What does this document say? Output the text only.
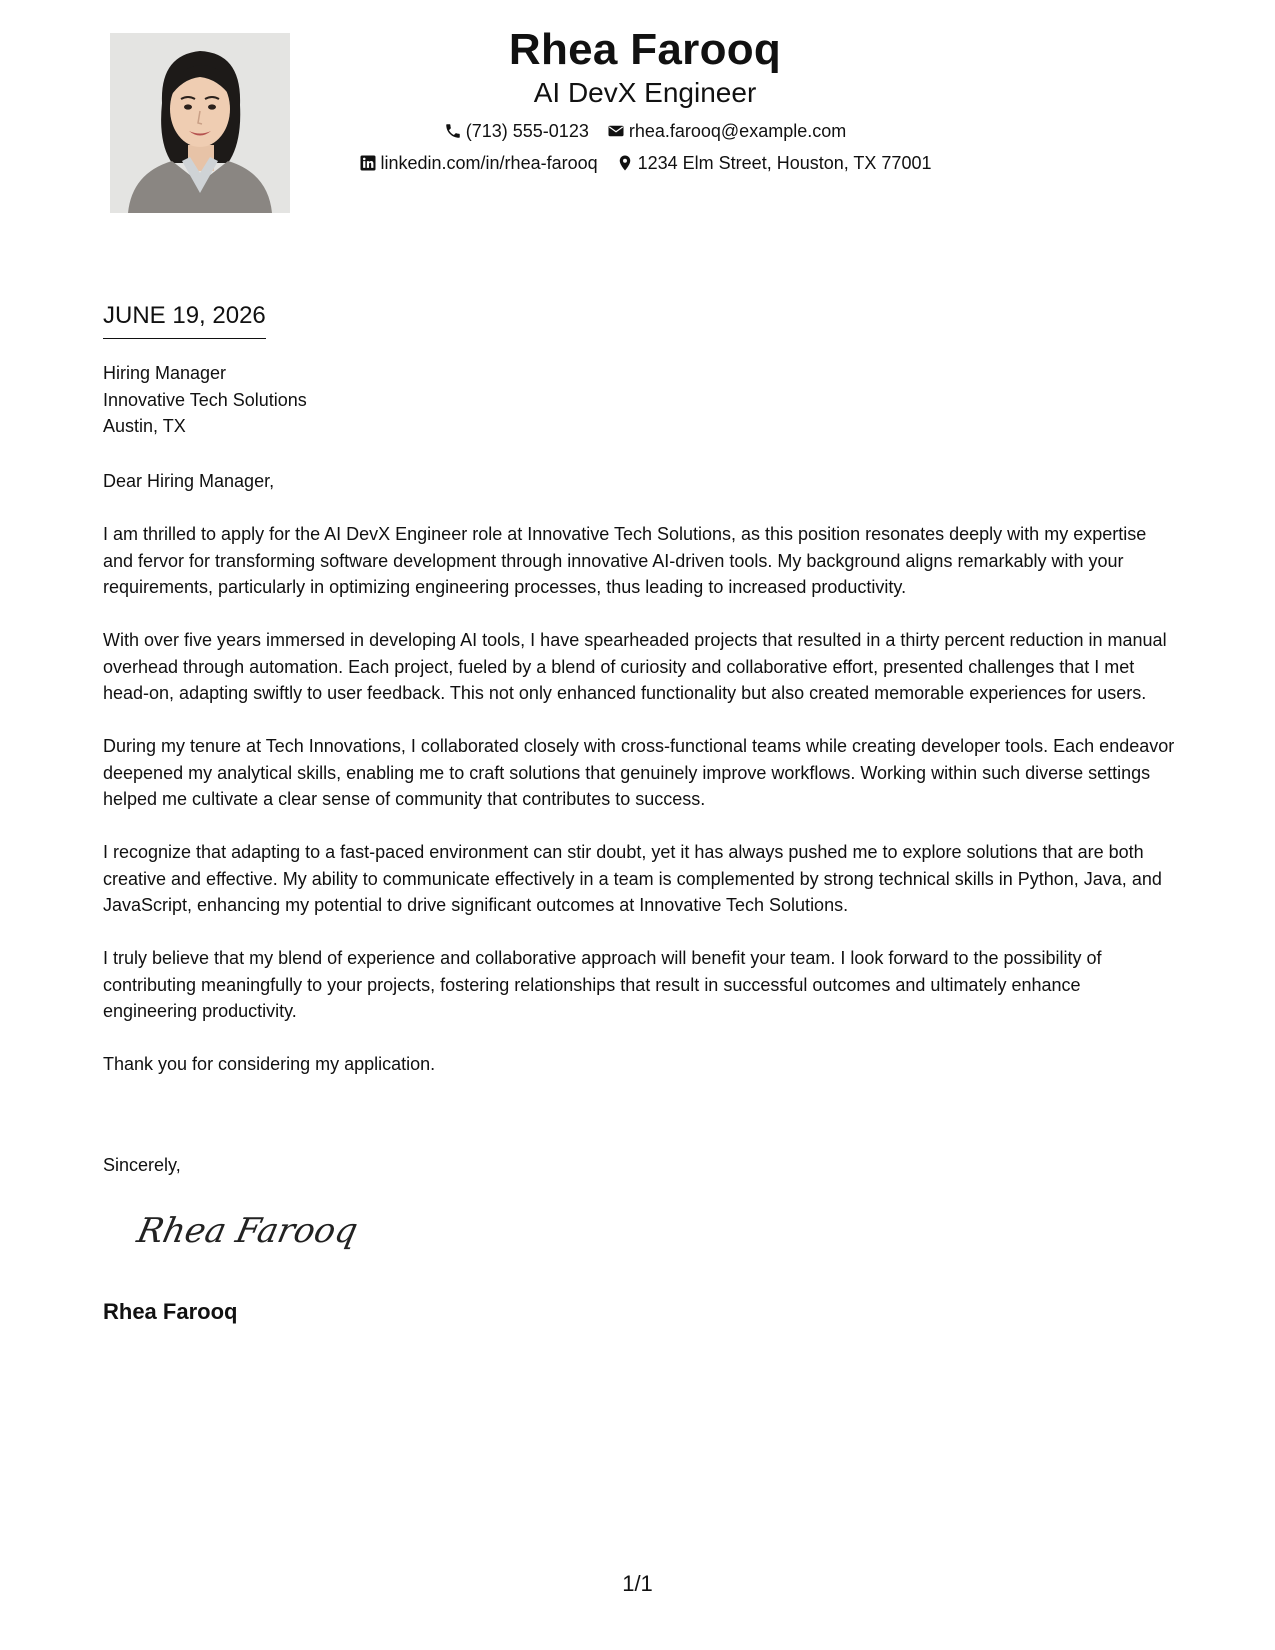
Rhea Farooq
AI DevX Engineer
(713) 555-0123 rhea.farooq@example.com
linkedin.com/in/rhea-farooq 1234 Elm Street, Houston, TX 77001
JUNE 19, 2026
Hiring Manager
Innovative Tech Solutions
Austin, TX

Dear Hiring Manager,

I am thrilled to apply for the AI DevX Engineer role at Innovative Tech Solutions, as this position resonates deeply with my expertise and fervor for transforming software development through innovative AI-driven tools. My background aligns remarkably with your requirements, particularly in optimizing engineering processes, thus leading to increased productivity.

With over five years immersed in developing AI tools, I have spearheaded projects that resulted in a thirty percent reduction in manual overhead through automation. Each project, fueled by a blend of curiosity and collaborative effort, presented challenges that I met head-on, adapting swiftly to user feedback. This not only enhanced functionality but also created memorable experiences for users.

During my tenure at Tech Innovations, I collaborated closely with cross-functional teams while creating developer tools. Each endeavor deepened my analytical skills, enabling me to craft solutions that genuinely improve workflows. Working within such diverse settings helped me cultivate a clear sense of community that contributes to success.

I recognize that adapting to a fast-paced environment can stir doubt, yet it has always pushed me to explore solutions that are both creative and effective. My ability to communicate effectively in a team is complemented by strong technical skills in Python, Java, and JavaScript, enhancing my potential to drive significant outcomes at Innovative Tech Solutions.

I truly believe that my blend of experience and collaborative approach will benefit your team. I look forward to the possibility of contributing meaningfully to your projects, fostering relationships that result in successful outcomes and ultimately enhance engineering productivity.

Thank you for considering my application.

Sincerely,
Rhea Farooq
Rhea Farooq
1/1
